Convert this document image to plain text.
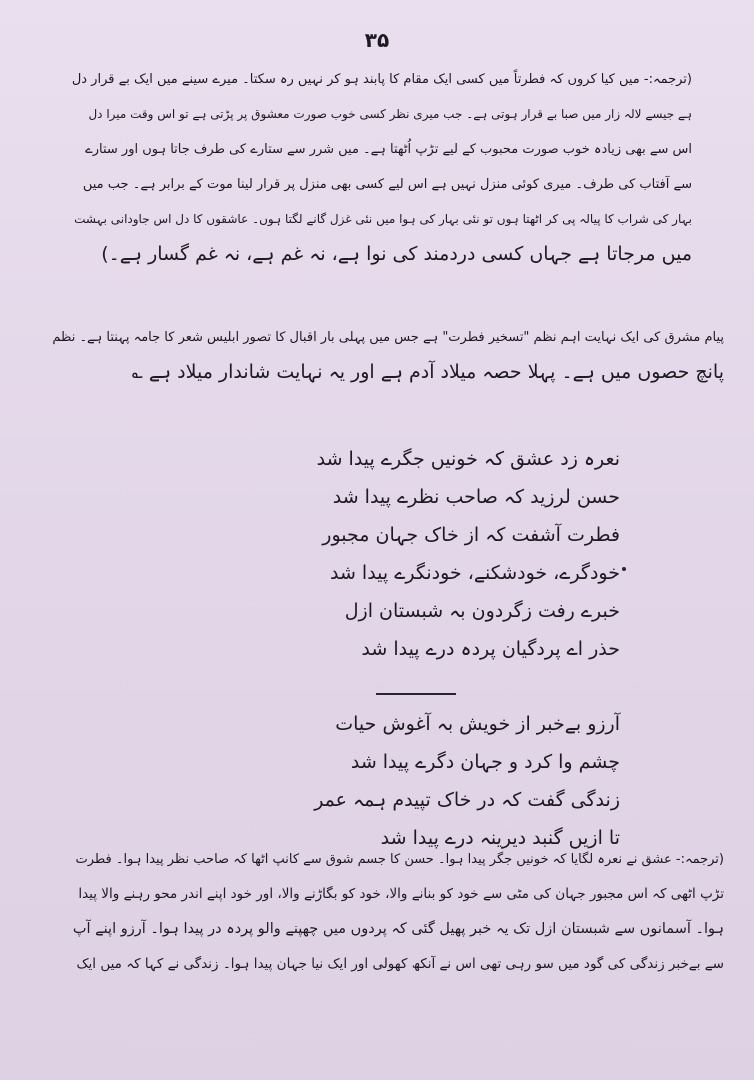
۳۵

(ترجمہ:- میں کیا کروں کہ فطرتاً میں کسی ایک مقام کا پابند ہو کر نہیں رہ سکتا۔ میرے سینے میں ایک بے قرار دل

ہے جیسے لالہ زار میں صبا بے قرار ہوتی ہے۔ جب میری نظر کسی خوب صورت معشوق پر پڑتی ہے تو اس وقت میرا دل

اس سے بھی زیادہ خوب صورت محبوب کے لیے تڑپ اُٹھتا ہے۔ میں شرر سے ستارے کی طرف جاتا ہوں اور ستارے

سے آفتاب کی طرف۔ میری کوئی منزل نہیں ہے اس لیے کسی بھی منزل پر قرار لینا موت کے برابر ہے۔ جب میں

بہار کی شراب کا پیالہ پی کر اٹھتا ہوں تو نئی بہار کی ہوا میں نئی غزل گانے لگتا ہوں۔ عاشقوں کا دل اس جاودانی بہشت

میں مرجاتا ہے جہاں کسی دردمند کی نوا ہے، نہ غم ہے، نہ غم گسار ہے۔)

پیام مشرق کی ایک نہایت اہم نظم "تسخیر فطرت" ہے جس میں پہلی بار اقبال کا تصور ابلیس شعر کا جامہ پہنتا ہے۔ نظم

پانچ حصوں میں ہے۔ پہلا حصہ میلاد آدم ہے اور یہ نہایت شاندار میلاد ہے ؎

نعرہ زد عشق کہ خونیں جگرے پیدا شد

حسن لرزید کہ صاحب نظرے پیدا شد

فطرت آشفت کہ از خاک جہان مجبور

خودگرے، خودشکنے، خودنگرے پیدا شد

خبرے رفت زگردون بہ شبستان ازل

حذر اے پردگیان پردہ درے پیدا شد

آرزو بےخبر از خویش بہ آغوش حیات

چشم وا کرد و جہان دگرے پیدا شد

زندگی گفت کہ در خاک تپیدم ہمہ عمر

تا ازیں گنبد دیرینہ درے پیدا شد

(ترجمہ:- عشق نے نعرہ لگایا کہ خونیں جگر پیدا ہوا۔ حسن کا جسم شوق سے کانپ اٹھا کہ صاحب نظر پیدا ہوا۔ فطرت

تڑپ اٹھی کہ اس مجبور جہان کی مٹی سے خود کو بنانے والا، خود کو بگاڑنے والا، اور خود اپنے اندر محو رہنے والا پیدا

ہوا۔ آسمانوں سے شبستان ازل تک یہ خبر پھیل گئی کہ پردوں میں چھپنے والو پردہ در پیدا ہوا۔ آرزو اپنے آپ

سے بےخبر زندگی کی گود میں سو رہی تھی اس نے آنکھ کھولی اور ایک نیا جہان پیدا ہوا۔ زندگی نے کہا کہ میں ایک
